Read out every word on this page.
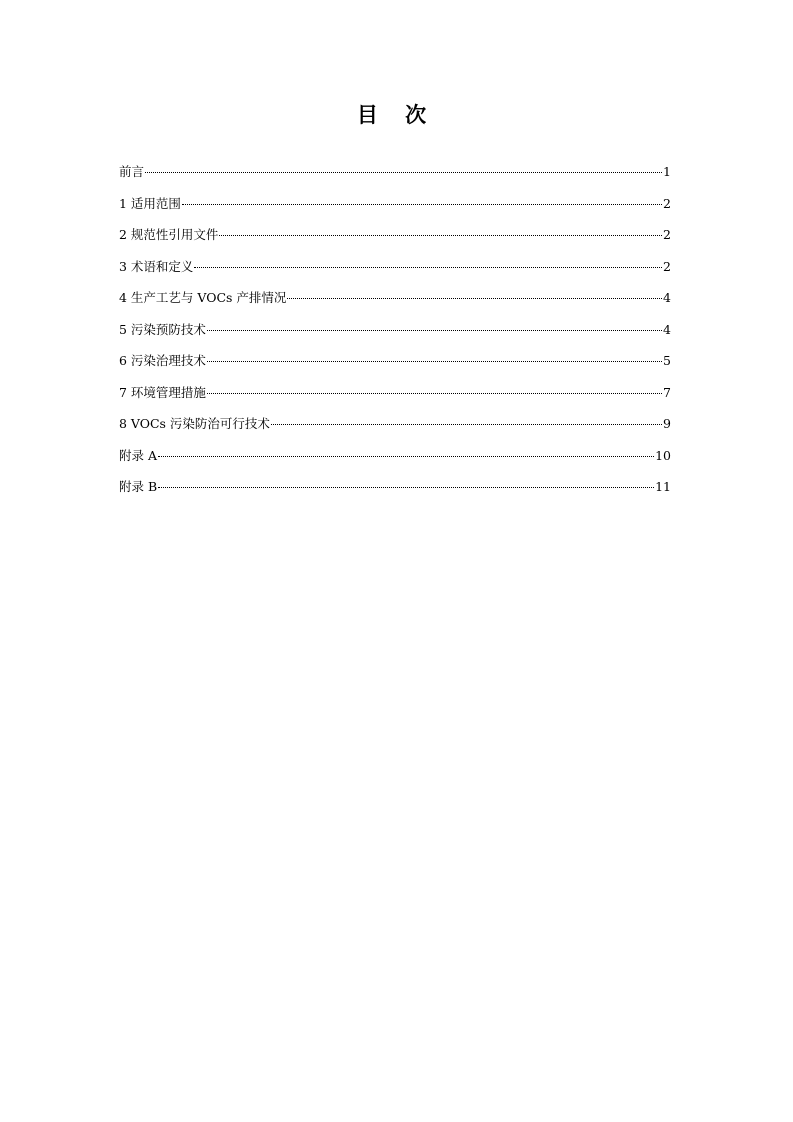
目 次
前言	1
1 适用范围	2
2 规范性引用文件	2
3 术语和定义	2
4 生产工艺与 VOCs 产排情况	4
5 污染预防技术	4
6 污染治理技术	5
7 环境管理措施	7
8 VOCs 污染防治可行技术	9
附录 A	10
附录 B	11
